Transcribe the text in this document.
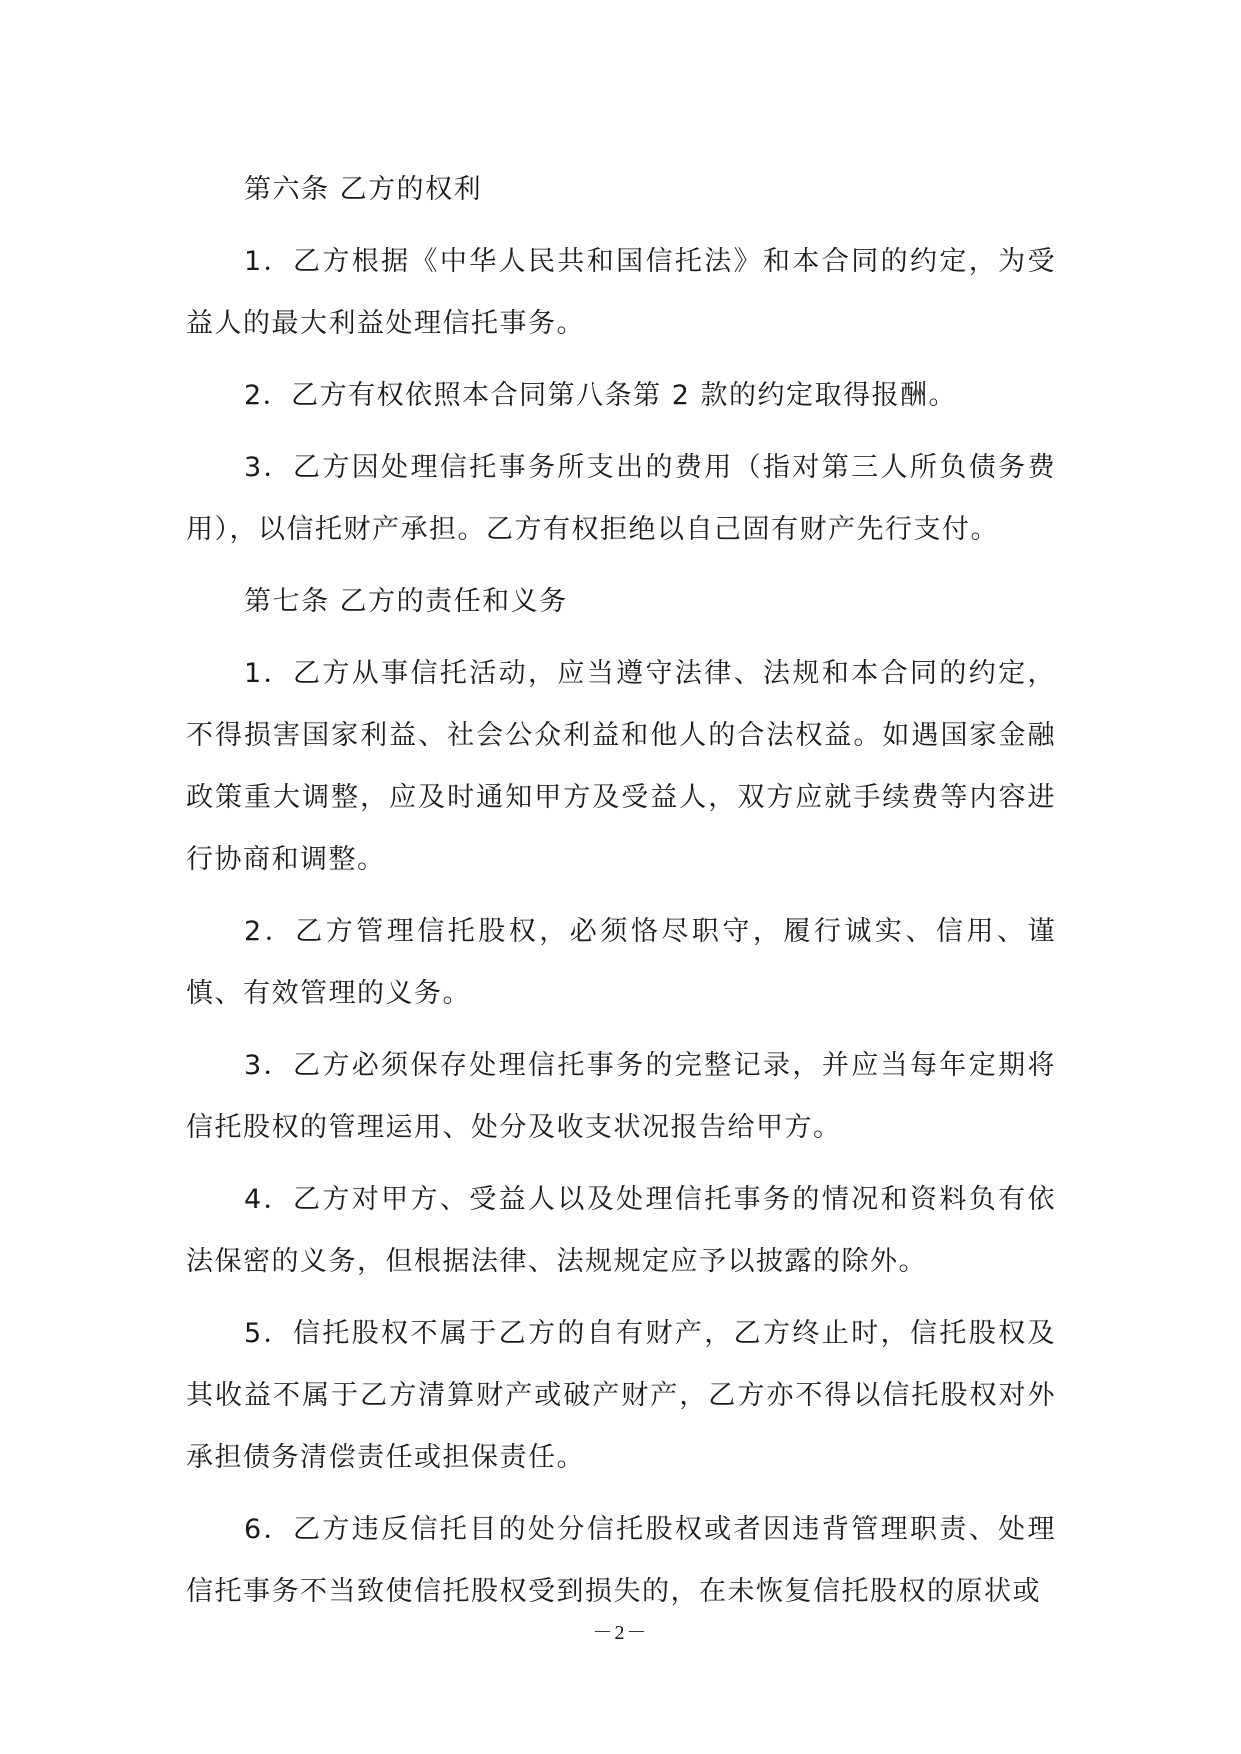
第六条 乙方的权利

1．乙方根据《中华人民共和国信托法》和本合同的约定，为受益人的最大利益处理信托事务。

2．乙方有权依照本合同第八条第 2 款的约定取得报酬。

3．乙方因处理信托事务所支出的费用（指对第三人所负债务费用），以信托财产承担。乙方有权拒绝以自己固有财产先行支付。

第七条 乙方的责任和义务

1．乙方从事信托活动，应当遵守法律、法规和本合同的约定，不得损害国家利益、社会公众利益和他人的合法权益。如遇国家金融政策重大调整，应及时通知甲方及受益人，双方应就手续费等内容进行协商和调整。

2．乙方管理信托股权，必须恪尽职守，履行诚实、信用、谨慎、有效管理的义务。

3．乙方必须保存处理信托事务的完整记录，并应当每年定期将信托股权的管理运用、处分及收支状况报告给甲方。

4．乙方对甲方、受益人以及处理信托事务的情况和资料负有依法保密的义务，但根据法律、法规规定应予以披露的除外。

5．信托股权不属于乙方的自有财产，乙方终止时，信托股权及其收益不属于乙方清算财产或破产财产，乙方亦不得以信托股权对外承担债务清偿责任或担保责任。

6．乙方违反信托目的处分信托股权或者因违背管理职责、处理信托事务不当致使信托股权受到损失的，在未恢复信托股权的原状或

－2－
